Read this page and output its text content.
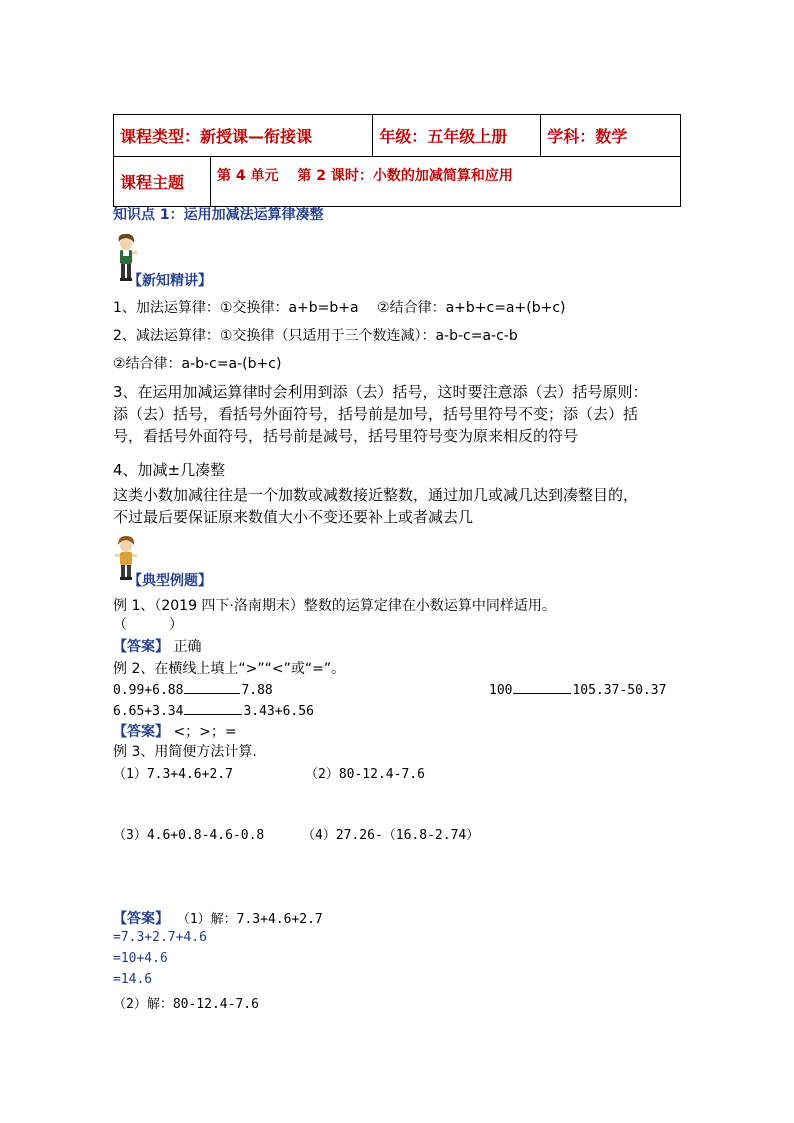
课程类型：新授课—衔接课		年级：五年级上册	学科：数学
课程主题	第 4 单元　 第 2 课时：小数的加减简算和应用		
知识点 1：运用加减法运算律凑整
【新知精讲】
1、加法运算律：①交换律：a+b=b+a　 ②结合律：a+b+c=a+(b+c)
2、减法运算律：①交换律（只适用于三个数连减）：a-b-c=a-c-b
②结合律：a-b-c=a-(b+c)
3、在运用加减运算律时会利用到添（去）括号，这时要注意添（去）括号原则：
添（去）括号，看括号外面符号，括号前是加号，括号里符号不变；添（去）括
号，看括号外面符号，括号前是减号，括号里符号变为原来相反的符号
4、加减±几凑整
这类小数加减往往是一个加数或减数接近整数，通过加几或减几达到凑整目的，
不过最后要保证原来数值大小不变还要补上或者减去几
【典型例题】
例 1、（2019 四下·洛南期末）整数的运算定律在小数运算中同样适用。
（　　　）
【答案】 正确
例 2、在横线上填上“>”“<”或“=”。
0.99+6.88	7.88	100	105.37-50.37
6.65+3.34	3.43+6.56
【答案】 <；>；=
例 3、用简便方法计算.
（1）7.3+4.6+2.7	（2）80-12.4-7.6
（3）4.6+0.8-4.6-0.8	（4）27.26-（16.8-2.74）
【答案】 （1）解：7.3+4.6+2.7
=7.3+2.7+4.6
=10+4.6
=14.6
（2）解：80-12.4-7.6
